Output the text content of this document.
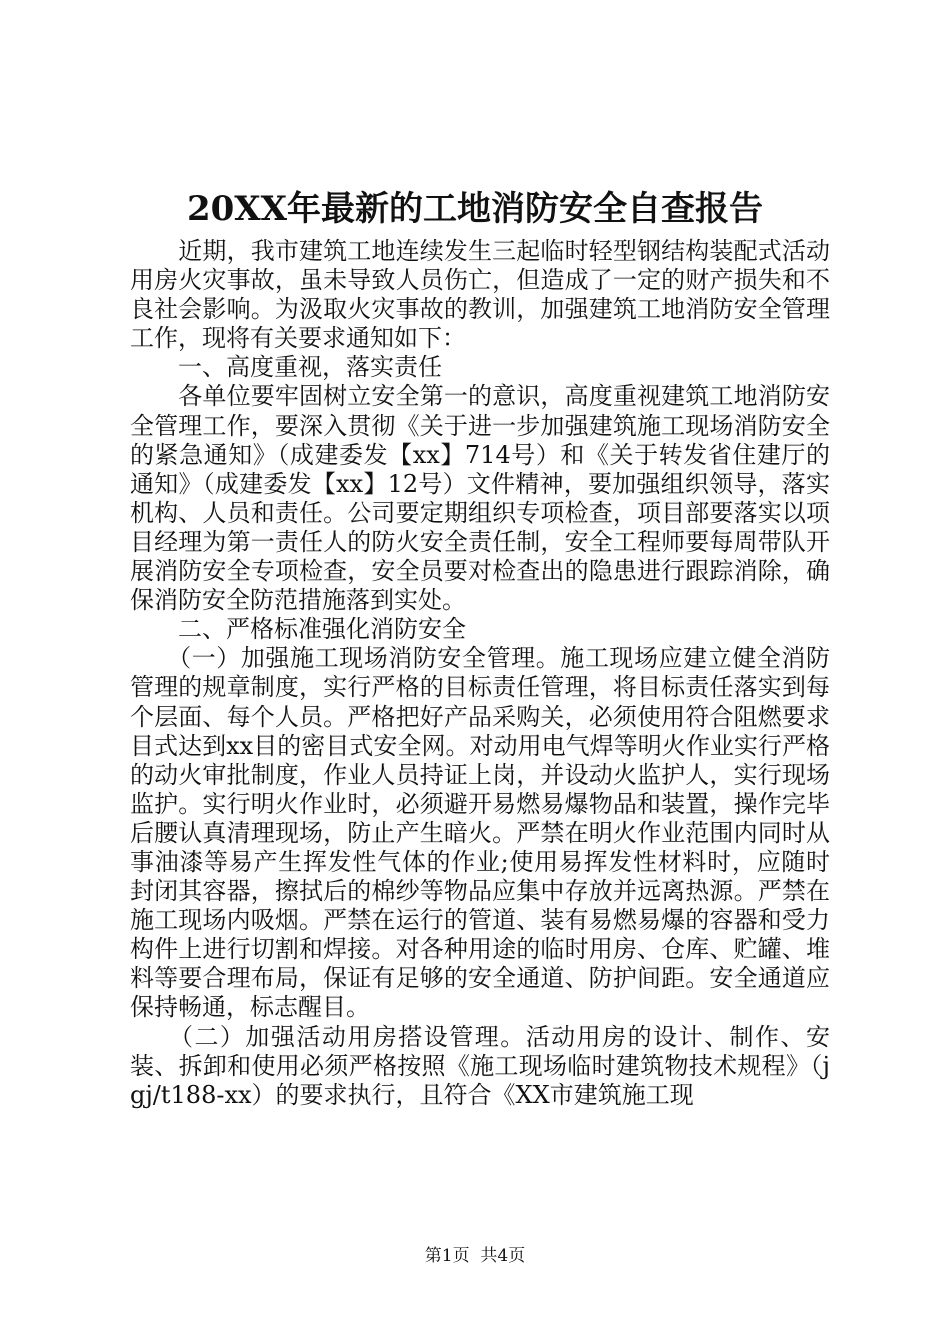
20XX年最新的工地消防安全自查报告

　　近期，我市建筑工地连续发生三起临时轻型钢结构装配式活动用房火灾事故，虽未导致人员伤亡，但造成了一定的财产损失和不良社会影响。为汲取火灾事故的教训，加强建筑工地消防安全管理工作，现将有关要求通知如下：

　　一、高度重视，落实责任

　　各单位要牢固树立安全第一的意识，高度重视建筑工地消防安全管理工作，要深入贯彻《关于进一步加强建筑施工现场消防安全的紧急通知》（成建委发【xx】714号）和《关于转发省住建厅的通知》（成建委发【xx】12号）文件精神，要加强组织领导，落实机构、人员和责任。公司要定期组织专项检查，项目部要落实以项目经理为第一责任人的防火安全责任制，安全工程师要每周带队开展消防安全专项检查，安全员要对检查出的隐患进行跟踪消除，确保消防安全防范措施落到实处。

　　二、严格标准强化消防安全

　　（一）加强施工现场消防安全管理。施工现场应建立健全消防管理的规章制度，实行严格的目标责任管理，将目标责任落实到每个层面、每个人员。严格把好产品采购关，必须使用符合阻燃要求目式达到xx目的密目式安全网。对动用电气焊等明火作业实行严格的动火审批制度，作业人员持证上岗，并设动火监护人，实行现场监护。实行明火作业时，必须避开易燃易爆物品和装置，操作完毕后腰认真清理现场，防止产生暗火。严禁在明火作业范围内同时从事油漆等易产生挥发性气体的作业;使用易挥发性材料时，应随时封闭其容器，擦拭后的棉纱等物品应集中存放并远离热源。严禁在施工现场内吸烟。严禁在运行的管道、装有易燃易爆的容器和受力构件上进行切割和焊接。对各种用途的临时用房、仓库、贮罐、堆料等要合理布局，保证有足够的安全通道、防护间距。安全通道应保持畅通，标志醒目。

　　（二）加强活动用房搭设管理。活动用房的设计、制作、安装、拆卸和使用必须严格按照《施工现场临时建筑物技术规程》（jgj/t188-xx）的要求执行，且符合《XX市建筑施工现

第1页  共4页
